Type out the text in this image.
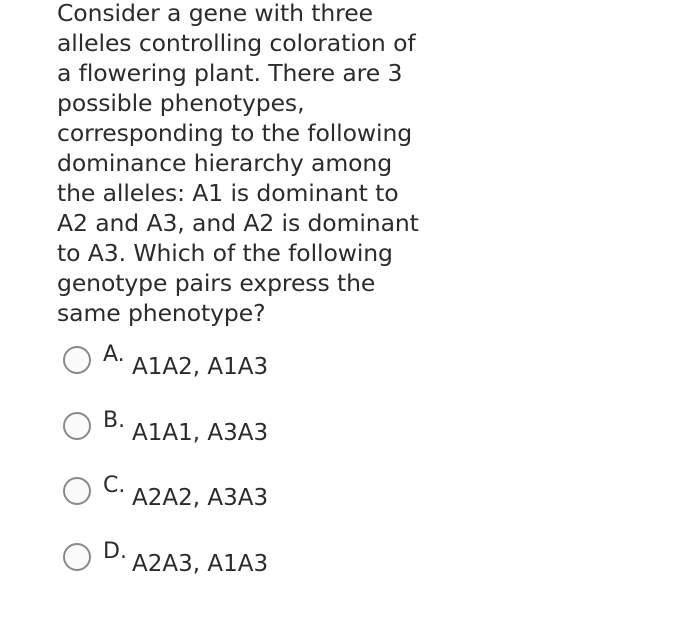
Consider a gene with three
alleles controlling coloration of
a flowering plant. There are 3
possible phenotypes,
corresponding to the following
dominance hierarchy among
the alleles: A1 is dominant to
A2 and A3, and A2 is dominant
to A3. Which of the following
genotype pairs express the
same phenotype?

A. A1A2, A1A3
B. A1A1, A3A3
C. A2A2, A3A3
D. A2A3, A1A3
